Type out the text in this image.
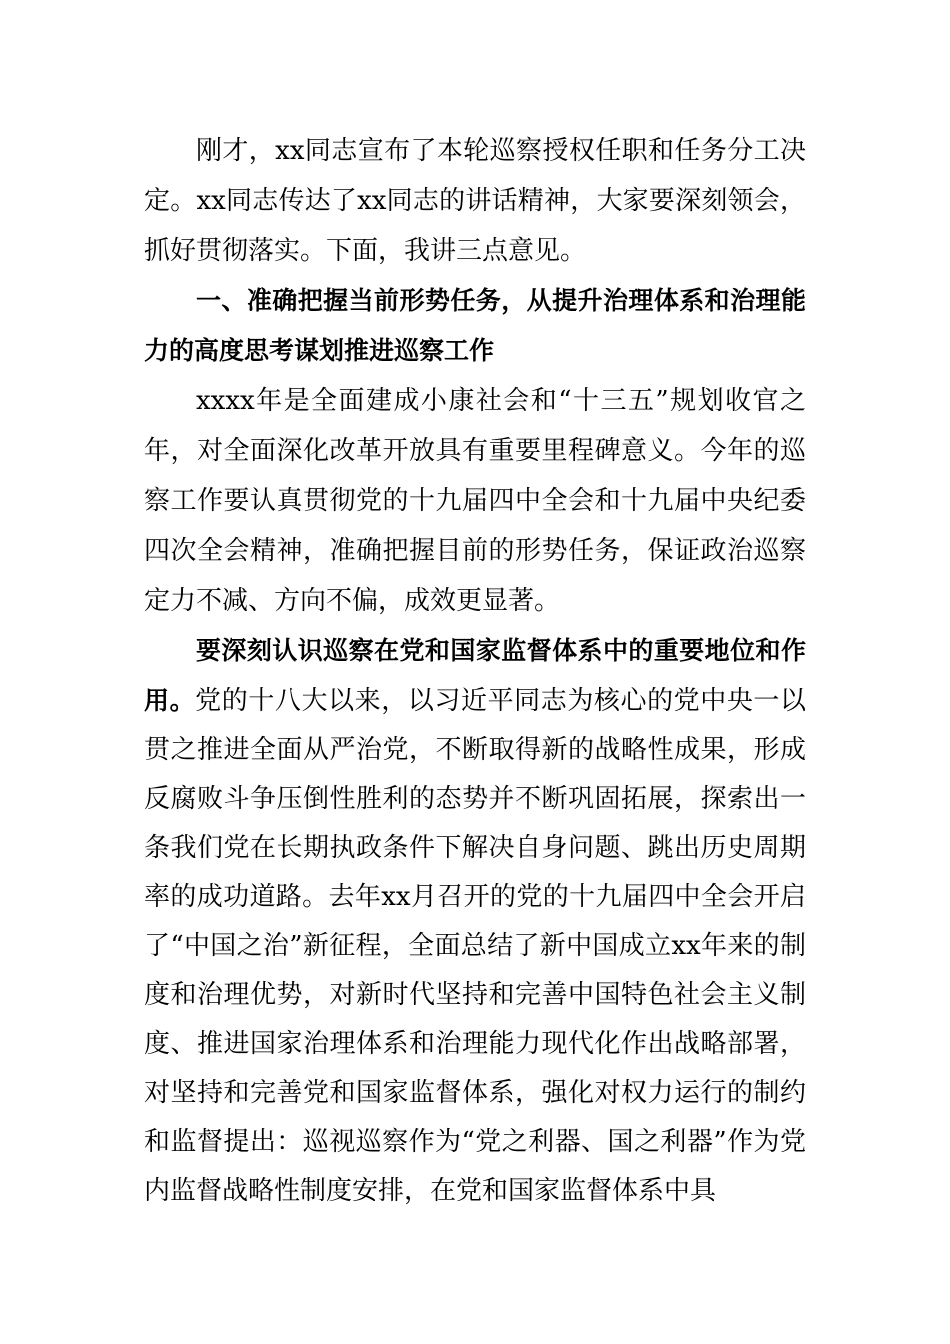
刚才，xx同志宣布了本轮巡察授权任职和任务分工决定。xx同志传达了xx同志的讲话精神，大家要深刻领会，抓好贯彻落实。下面，我讲三点意见。

一、准确把握当前形势任务，从提升治理体系和治理能力的高度思考谋划推进巡察工作

xxxx年是全面建成小康社会和“十三五”规划收官之年，对全面深化改革开放具有重要里程碑意义。今年的巡察工作要认真贯彻党的十九届四中全会和十九届中央纪委四次全会精神，准确把握目前的形势任务，保证政治巡察定力不减、方向不偏，成效更显著。

要深刻认识巡察在党和国家监督体系中的重要地位和作用。党的十八大以来，以习近平同志为核心的党中央一以贯之推进全面从严治党，不断取得新的战略性成果，形成反腐败斗争压倒性胜利的态势并不断巩固拓展，探索出一条我们党在长期执政条件下解决自身问题、跳出历史周期率的成功道路。去年xx月召开的党的十九届四中全会开启了“中国之治”新征程，全面总结了新中国成立xx年来的制度和治理优势，对新时代坚持和完善中国特色社会主义制度、推进国家治理体系和治理能力现代化作出战略部署，对坚持和完善党和国家监督体系，强化对权力运行的制约和监督提出：巡视巡察作为“党之利器、国之利器”作为党内监督战略性制度安排，在党和国家监督体系中具
